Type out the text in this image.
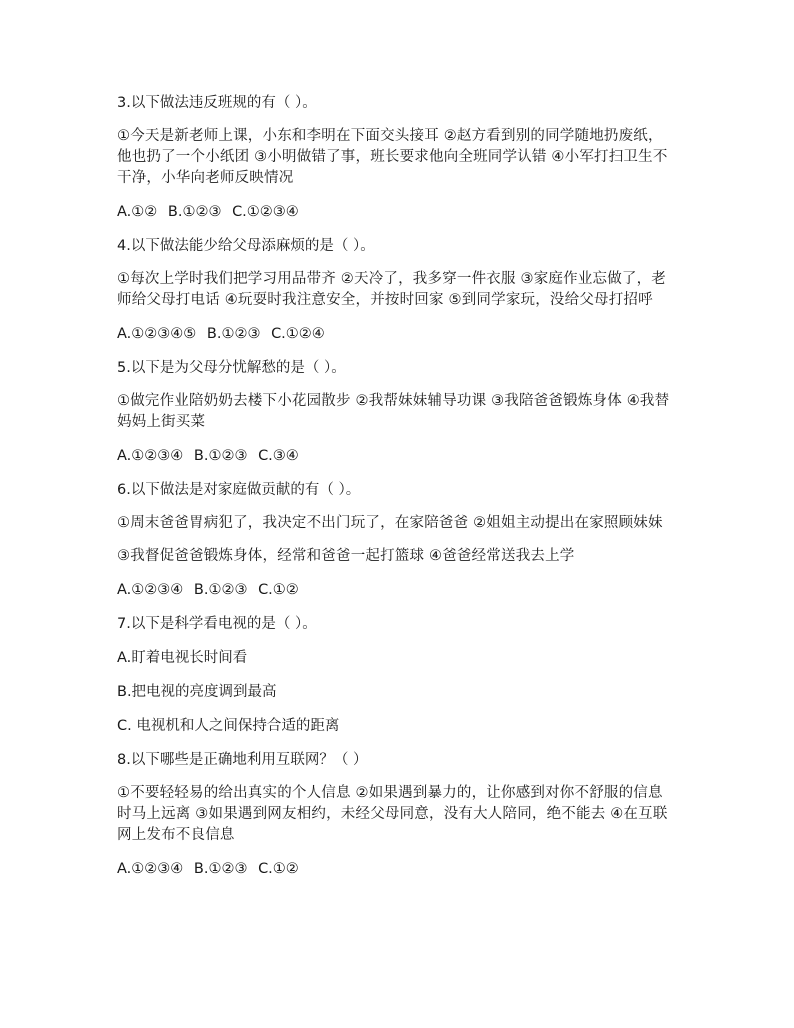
3.以下做法违反班规的有（ ）。

①今天是新老师上课，小东和李明在下面交头接耳 ②赵方看到别的同学随地扔废纸，他也扔了一个小纸团 ③小明做错了事，班长要求他向全班同学认错 ④小军打扫卫生不干净，小华向老师反映情况

A.①② B.①②③ C.①②③④
4.以下做法能少给父母添麻烦的是（ ）。

①每次上学时我们把学习用品带齐 ②天冷了，我多穿一件衣服 ③家庭作业忘做了，老师给父母打电话 ④玩耍时我注意安全，并按时回家 ⑤到同学家玩，没给父母打招呼

A.①②③④⑤ B.①②③ C.①②④
5.以下是为父母分忧解愁的是（ ）。

①做完作业陪奶奶去楼下小花园散步 ②我帮妹妹辅导功课 ③我陪爸爸锻炼身体 ④我替妈妈上街买菜

A.①②③④ B.①②③ C.③④
6.以下做法是对家庭做贡献的有（ ）。

①周末爸爸胃病犯了，我决定不出门玩了，在家陪爸爸 ②姐姐主动提出在家照顾妹妹

③我督促爸爸锻炼身体，经常和爸爸一起打篮球 ④爸爸经常送我去上学

A.①②③④ B.①②③ C.①②
7.以下是科学看电视的是（ ）。
A.盯着电视长时间看
B.把电视的亮度调到最高
C. 电视机和人之间保持合适的距离
8.以下哪些是正确地利用互联网？（ ）

①不要轻轻易的给出真实的个人信息 ②如果遇到暴力的，让你感到对你不舒服的信息时马上远离 ③如果遇到网友相约，未经父母同意，没有大人陪同，绝不能去 ④在互联网上发布不良信息

A.①②③④ B.①②③ C.①②
